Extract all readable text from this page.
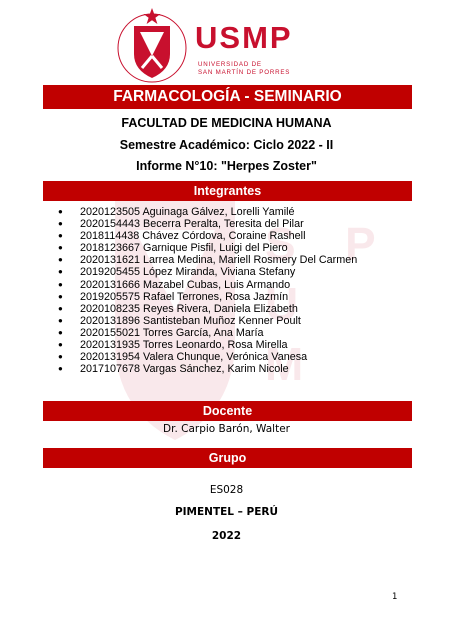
S
U
M
P
USMP
UNIVERSIDAD DE
SAN MARTÍN DE PORRES
FARMACOLOGÍA - SEMINARIO
FACULTAD DE MEDICINA HUMANA
Semestre Académico: Ciclo 2022 - II
Informe N°10: "Herpes Zoster"
Integrantes
● 2020123505 Aguinaga Gálvez, Lorelli Yamilé
● 2020154443 Becerra Peralta, Teresita del Pilar
● 2018114438 Chávez Córdova, Coraine Rashell
● 2018123667 Garnique Pisfil, Luigi del Piero
● 2020131621 Larrea Medina, Mariell Rosmery Del Carmen
● 2019205455 López Miranda, Viviana Stefany
● 2020131666 Mazabel Cubas, Luis Armando
● 2019205575 Rafael Terrones, Rosa Jazmín
● 2020108235 Reyes Rivera, Daniela Elizabeth
● 2020131896 Santisteban Muñoz Kenner Poult
● 2020155021 Torres García, Ana María
● 2020131935 Torres Leonardo, Rosa Mirella
● 2020131954 Valera Chunque, Verónica Vanesa
● 2017107678 Vargas Sánchez, Karim Nicole
Docente
Dr. Carpio Barón, Walter
Grupo
ES028
PIMENTEL – PERÚ
2022
1
